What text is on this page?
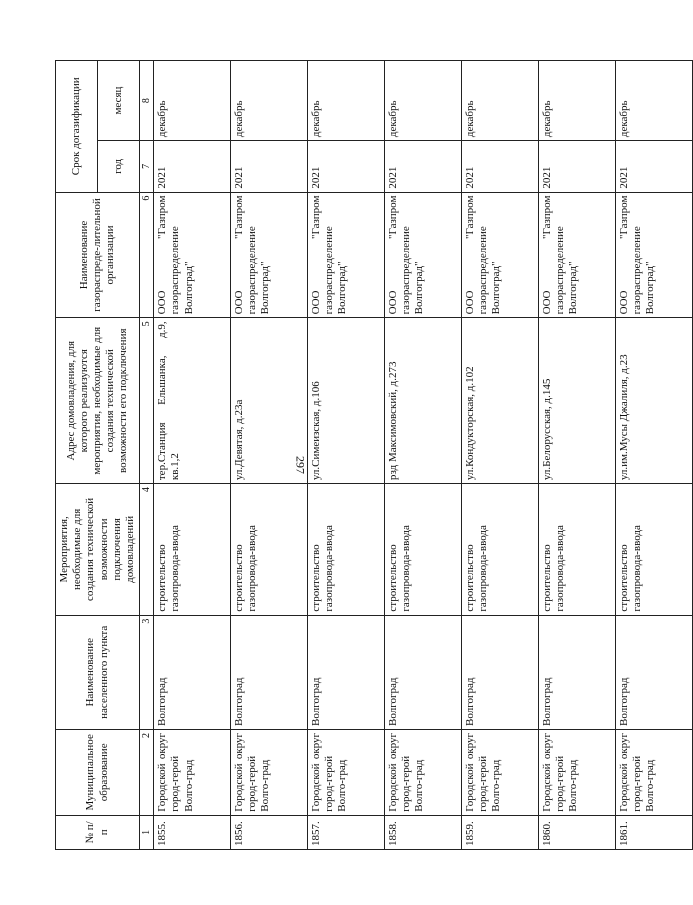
297
№ п/п	Муниципальное образование	Наименование населенного пункта	Мероприятия, необходимые для создания технической возможности подключения домовладений	Адрес домовладения, для которого реализуются мероприятия, необходимые для создания технической возможности его подключения	Наименование газораспреде-лительной организации	Срок догазификации	
						год	месяц
1	2	3	4	5	6	7	8
1855.	Городской округ город-герой Волго-град	Волгоград	строительство газопровода-ввода	тер.Станция Ельшанка, д.9, кв.1,2	ООО "Газпром газораспределение Волгоград"	2021	декабрь
1856.	Городской округ город-герой Волго-град	Волгоград	строительство газопровода-ввода	ул.Девятая, д.23а	ООО "Газпром газораспределение Волгоград"	2021	декабрь
1857.	Городской округ город-герой Волго-град	Волгоград	строительство газопровода-ввода	ул.Симеизская, д.106	ООО "Газпром газораспределение Волгоград"	2021	декабрь
1858.	Городской округ город-герой Волго-град	Волгоград	строительство газопровода-ввода	рзд Максимовский, д.273	ООО "Газпром газораспределение Волгоград"	2021	декабрь
1859.	Городской округ город-герой Волго-град	Волгоград	строительство газопровода-ввода	ул.Кондукторская, д.102	ООО "Газпром газораспределение Волгоград"	2021	декабрь
1860.	Городской округ город-герой Волго-град	Волгоград	строительство газопровода-ввода	ул.Белорусская, д.145	ООО "Газпром газораспределение Волгоград"	2021	декабрь
1861.	Городской округ город-герой Волго-град	Волгоград	строительство газопровода-ввода	ул.им.Мусы Джалиля, д.23	ООО "Газпром газораспределение Волгоград"	2021	декабрь
